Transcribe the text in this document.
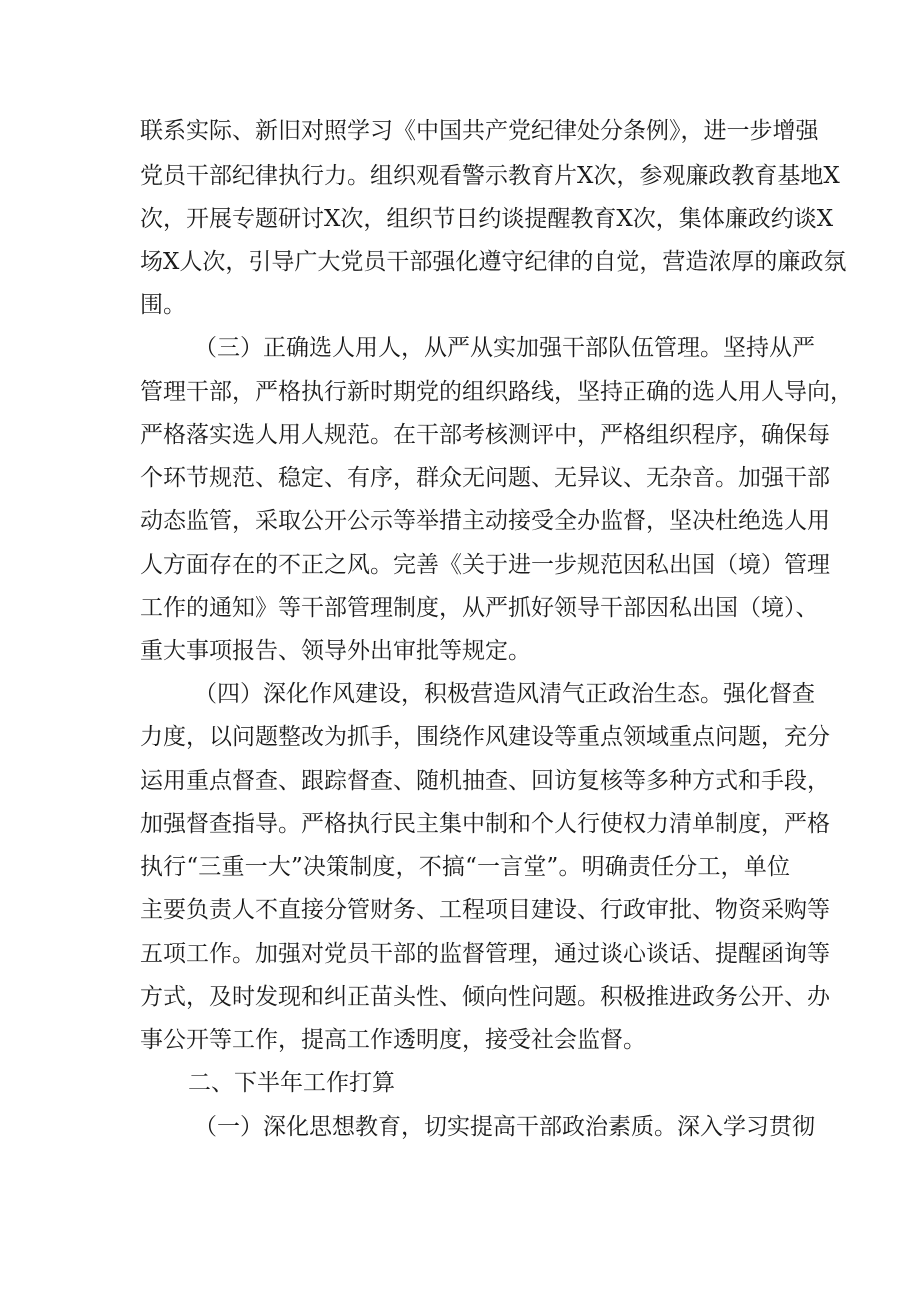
联系实际、新旧对照学习《中国共产党纪律处分条例》，进一步增强
党员干部纪律执行力。组织观看警示教育片X次，参观廉政教育基地X
次，开展专题研讨X次，组织节日约谈提醒教育X次，集体廉政约谈X
场X人次，引导广大党员干部强化遵守纪律的自觉，营造浓厚的廉政氛
围。
（三）正确选人用人，从严从实加强干部队伍管理。坚持从严
管理干部，严格执行新时期党的组织路线，坚持正确的选人用人导向，
严格落实选人用人规范。在干部考核测评中，严格组织程序，确保每
个环节规范、稳定、有序，群众无问题、无异议、无杂音。加强干部
动态监管，采取公开公示等举措主动接受全办监督，坚决杜绝选人用
人方面存在的不正之风。完善《关于进一步规范因私出国（境）管理
工作的通知》等干部管理制度，从严抓好领导干部因私出国（境）、
重大事项报告、领导外出审批等规定。
（四）深化作风建设，积极营造风清气正政治生态。强化督查
力度，以问题整改为抓手，围绕作风建设等重点领域重点问题，充分
运用重点督查、跟踪督查、随机抽查、回访复核等多种方式和手段，
加强督查指导。严格执行民主集中制和个人行使权力清单制度，严格
执行“三重一大”决策制度，不搞“一言堂”。明确责任分工，单位
主要负责人不直接分管财务、工程项目建设、行政审批、物资采购等
五项工作。加强对党员干部的监督管理，通过谈心谈话、提醒函询等
方式，及时发现和纠正苗头性、倾向性问题。积极推进政务公开、办
事公开等工作，提高工作透明度，接受社会监督。
二、下半年工作打算
（一）深化思想教育，切实提高干部政治素质。深入学习贯彻
